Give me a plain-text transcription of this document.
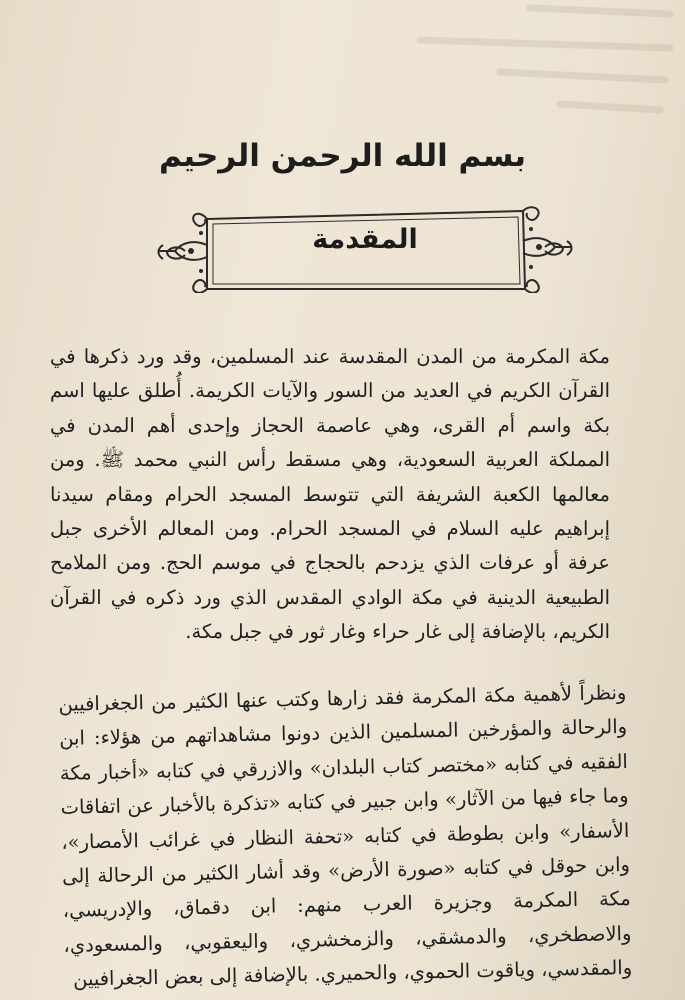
بسم الله الرحمن الرحيم
المقدمة

مكة المكرمة من المدن المقدسة عند المسلمين، وقد ورد ذكرها في القرآن الكريم في العديد من السور والآيات الكريمة. أُطلق عليها اسم بكة واسم أم القرى، وهي عاصمة الحجاز وإحدى أهم المدن في المملكة العربية السعودية، وهي مسقط رأس النبي محمد ﷺ. ومن معالمها الكعبة الشريفة التي تتوسط المسجد الحرام ومقام سيدنا إبراهيم عليه السلام في المسجد الحرام. ومن المعالم الأخرى جبل عرفة أو عرفات الذي يزدحم بالحجاج في موسم الحج. ومن الملامح الطبيعية الدينية في مكة الوادي المقدس الذي ورد ذكره في القرآن الكريم، بالإضافة إلى غار حراء وغار ثور في جبل مكة.

ونظراً لأهمية مكة المكرمة فقد زارها وكتب عنها الكثير من الجغرافيين والرحالة والمؤرخين المسلمين الذين دونوا مشاهداتهم من هؤلاء: ابن الفقيه في كتابه «مختصر كتاب البلدان» والازرقي في كتابه «أخبار مكة وما جاء فيها من الآثار» وابن جبير في كتابه «تذكرة بالأخبار عن اتفاقات الأسفار» وابن بطوطة في كتابه «تحفة النظار في غرائب الأمصار»، وابن حوقل في كتابه «صورة الأرض» وقد أشار الكثير من الرحالة إلى مكة المكرمة وجزيرة العرب منهم: ابن دقماق، والإدريسي، والاصطخري، والدمشقي، والزمخشري، واليعقوبي، والمسعودي، والمقدسي، وياقوت الحموي، والحميري. بالإضافة إلى بعض الجغرافيين
